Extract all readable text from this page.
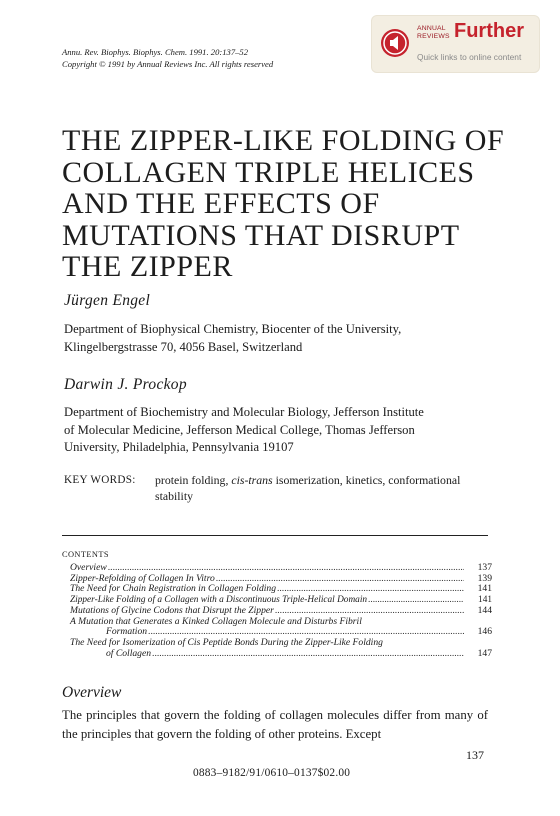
Annu. Rev. Biophys. Biophys. Chem. 1991. 20:137–52
Copyright © 1991 by Annual Reviews Inc. All rights reserved
ANNUAL
REVIEWS Further
Quick links to online content
THE ZIPPER-LIKE FOLDING OF
COLLAGEN TRIPLE HELICES
AND THE EFFECTS OF
MUTATIONS THAT DISRUPT
THE ZIPPER
Jürgen Engel
Department of Biophysical Chemistry, Biocenter of the University,
Klingelbergstrasse 70, 4056 Basel, Switzerland
Darwin J. Prockop
Department of Biochemistry and Molecular Biology, Jefferson Institute
of Molecular Medicine, Jefferson Medical College, Thomas Jefferson
University, Philadelphia, Pennsylvania 19107
KEY WORDS: protein folding, cis-trans isomerization, kinetics, conformational stability
CONTENTS
Overview .....	137
Zipper-Refolding of Collagen In Vitro .....	139
The Need for Chain Registration in Collagen Folding .....	141
Zipper-Like Folding of a Collagen with a Discontinuous Triple-Helical Domain .....	141
Mutations of Glycine Codons that Disrupt the Zipper .....	144
A Mutation that Generates a Kinked Collagen Molecule and Disturbs Fibril
Formation .....	146
The Need for Isomerization of Cis Peptide Bonds During the Zipper-Like Folding
of Collagen .....	147
Overview
The principles that govern the folding of collagen molecules differ from many of the principles that govern the folding of other proteins. Except
137
0883–9182/91/0610–0137$02.00
